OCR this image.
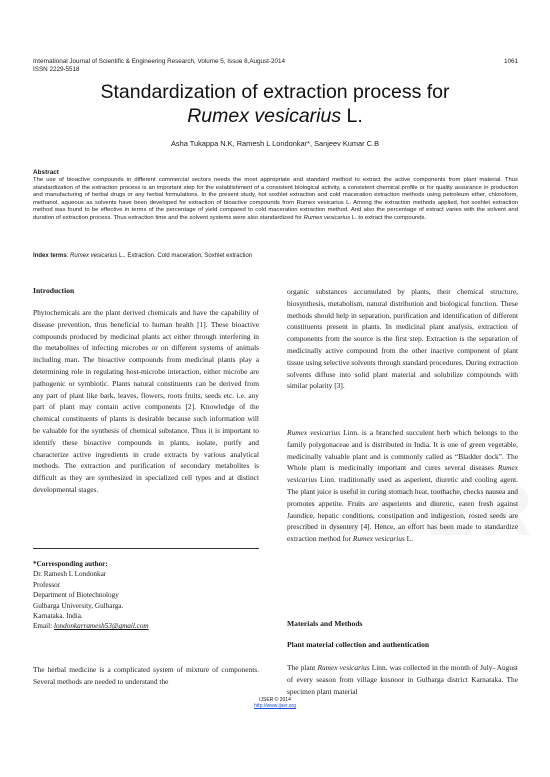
International Journal of Scientific & Engineering Research, Volume 5, Issue 8,August-2014
ISSN 2229-5518
1061
Standardization of extraction process for
Rumex vesicarius L.
Asha Tukappa N.K, Ramesh L Londonkar*, Sanjeev Kumar C.B
Abstract
The use of bioactive compounds in different commercial sectors needs the most appropriate and standard method to extract the active components from plant material. Thus standardization of the extraction process is an important step for the establishment of a consistent biological activity, a consistent chemical profile or for quality assurance in production and manufacturing of herbal drugs or any herbal formulations. In the present study, hot soxhlet extraction and cold maceration extraction methods using petroleum ether, chloroform, methanol, aqueous as solvents have been developed for extraction of bioactive compounds from Rumex vesicarius L. Among the extraction methods applied, hot soxhlet extraction method was found to be effective in terms of the percentage of yield compared to cold maceration extraction method. And also the percentage of extract varies with the solvent and duration of extraction process. Thus extraction time and the solvent systems were also standardized for Rumex vesicarius L. to extract the compounds.
Index terms: Rumex vesicarius L., Extraction, Cold maceration, Soxhlet extraction
Introduction
Phytochemicals are the plant derived chemicals and have the capability of disease prevention, thus beneficial to human health [1]. These bioactive compounds produced by medicinal plants act either through interfering in the metabolites of infecting microbes or on different systems of animals including man. The bioactive compounds from medicinal plants play a determining role in regulating host-microbe interaction, either microbe are pathogenic or symbiotic. Plants natural constituents can be derived from any part of plant like bark, leaves, flowers, roots fruits, seeds etc. i.e. any part of plant may contain active components [2]. Knowledge of the chemical constituents of plants is desirable because such information will be valuable for the synthesis of chemical substance. Thus it is important to identify these bioactive compounds in plants, isolate, purify and characterize active ingredients in crude extracts by various analytical methods. The extraction and purification of secondary metabolites is difficult as they are synthesized in specialized cell types and at distinct developmental stages.
*Corresponding author:
Dr. Ramesh L Londonkar
Professor
Department of Biotechnology
Gulbarga University, Gulbarga.
Karnataka. India.
Email: londonkarramesh53@gmail.com
The herbal medicine is a complicated system of mixture of components. Several methods are needed to understand the
organic substances accumulated by plants, their chemical structure, biosynthesis, metabolism, natural distribution and biological function. These methods should help in separation, purification and identification of different constituents present in plants. In medicinal plant analysis, extraction of components from the source is the first step. Extraction is the separation of medicinally active compound from the other inactive component of plant tissue using selective solvents through standard procedures. During extraction solvents diffuse into solid plant material and solubilize compounds with similar polarity [3].
Rumex vesicarius Linn. is a branched succulent herb which belongs to the family polygonaceae and is distributed in India. It is one of green vegetable, medicinally valuable plant and is commonly called as “Bladder dock”. The Whole plant is medicinally important and cures several diseases Rumex vesicarius Linn. traditionally used as asperient, diuretic and cooling agent. The plant juice is useful in curing stomach heat, toothache, checks nausea and promotes appetite. Fruits are asperients and diuretic, eaten fresh against Jaundice, hepatic conditions, constipation and indigestion, rosted seeds are prescribed in dysentery [4]. Hence, an effort has been made to standardize extraction method for Rumex vesicarius L.
Materials and Methods
Plant material collection and authentication
The plant Rumex vesicarius Linn. was collected in the month of July- August of every season from village kusnoor in Gulbarga district Karnataka. The specimen plant material
IJSER © 2014
http://www.ijser.org
